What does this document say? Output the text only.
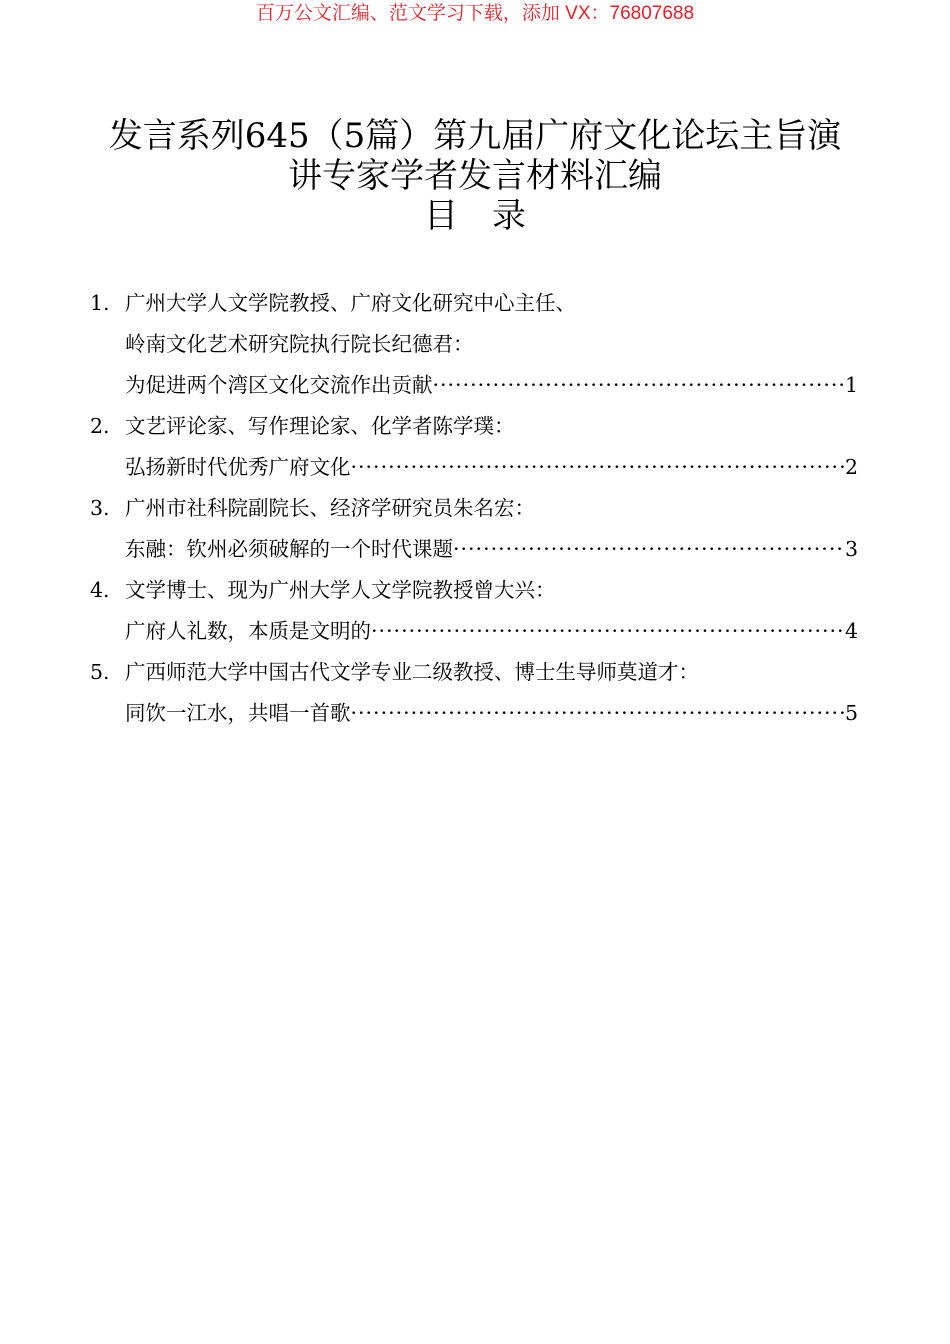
百万公文汇编、范文学习下载，添加 VX：76807688
发言系列645（5篇）第九届广府文化论坛主旨演
讲专家学者发言材料汇编
目　录
1. 广州大学人文学院教授、广府文化研究中心主任、
岭南文化艺术研究院执行院长纪德君：
为促进两个湾区文化交流作出贡献 ·····	1
2. 文艺评论家、写作理论家、化学者陈学璞：
弘扬新时代优秀广府文化 ·····	2
3. 广州市社科院副院长、经济学研究员朱名宏：
东融：钦州必须破解的一个时代课题 ·····	3
4. 文学博士、现为广州大学人文学院教授曾大兴：
广府人礼数，本质是文明的 ·····	4
5. 广西师范大学中国古代文学专业二级教授、博士生导师莫道才：
同饮一江水，共唱一首歌 ·····	5
